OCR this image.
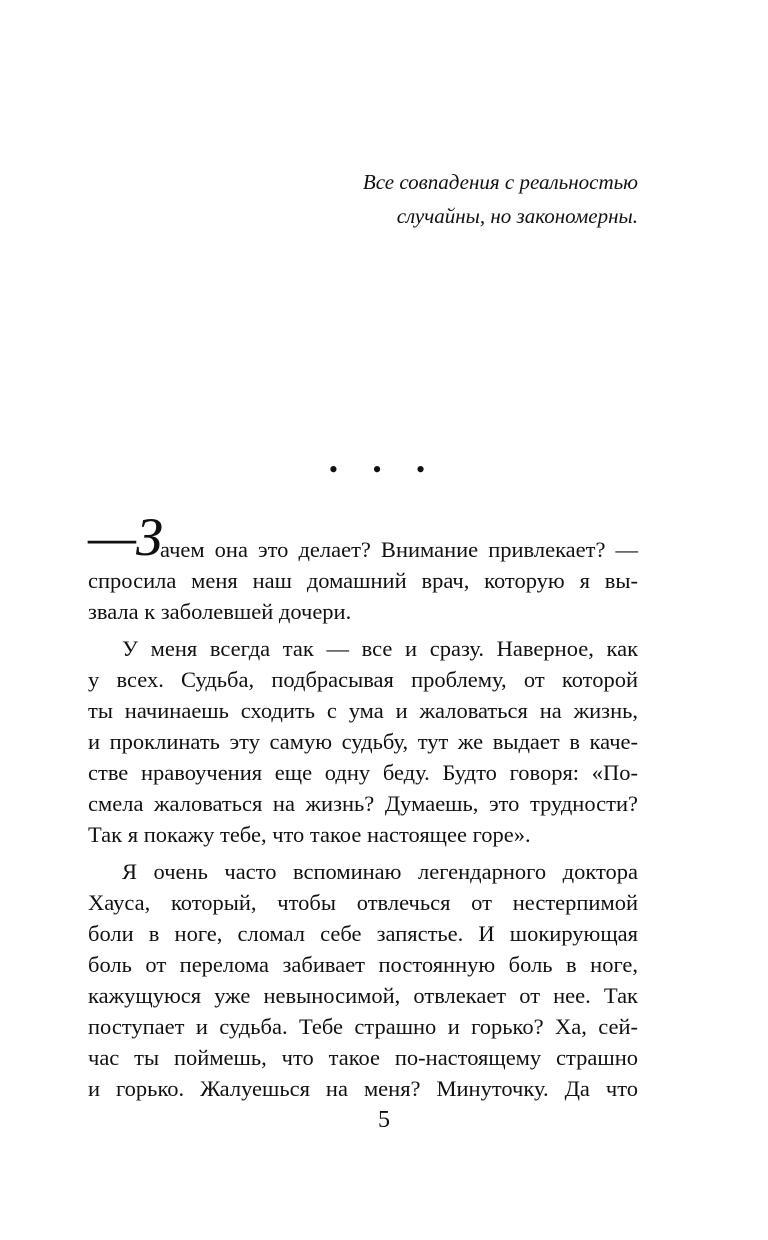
Все совпадения с реальностью
случайны, но закономерны.
• • •
—З
ачем она это делает? Внимание привлекает? —
спросила меня наш домашний врач, которую я вы-
звала к заболевшей дочери.
У меня всегда так — все и сразу. Наверное, как
у всех. Судьба, подбрасывая проблему, от которой
ты начинаешь сходить с ума и жаловаться на жизнь,
и проклинать эту самую судьбу, тут же выдает в каче-
стве нравоучения еще одну беду. Будто говоря: «По-
смела жаловаться на жизнь? Думаешь, это трудности?
Так я покажу тебе, что такое настоящее горе».
Я очень часто вспоминаю легендарного доктора
Хауса, который, чтобы отвлечься от нестерпимой
боли в ноге, сломал себе запястье. И шокирующая
боль от перелома забивает постоянную боль в ноге,
кажущуюся уже невыносимой, отвлекает от нее. Так
поступает и судьба. Тебе страшно и горько? Ха, сей-
час ты поймешь, что такое по-настоящему страшно
и горько. Жалуешься на меня? Минуточку. Да что
5
